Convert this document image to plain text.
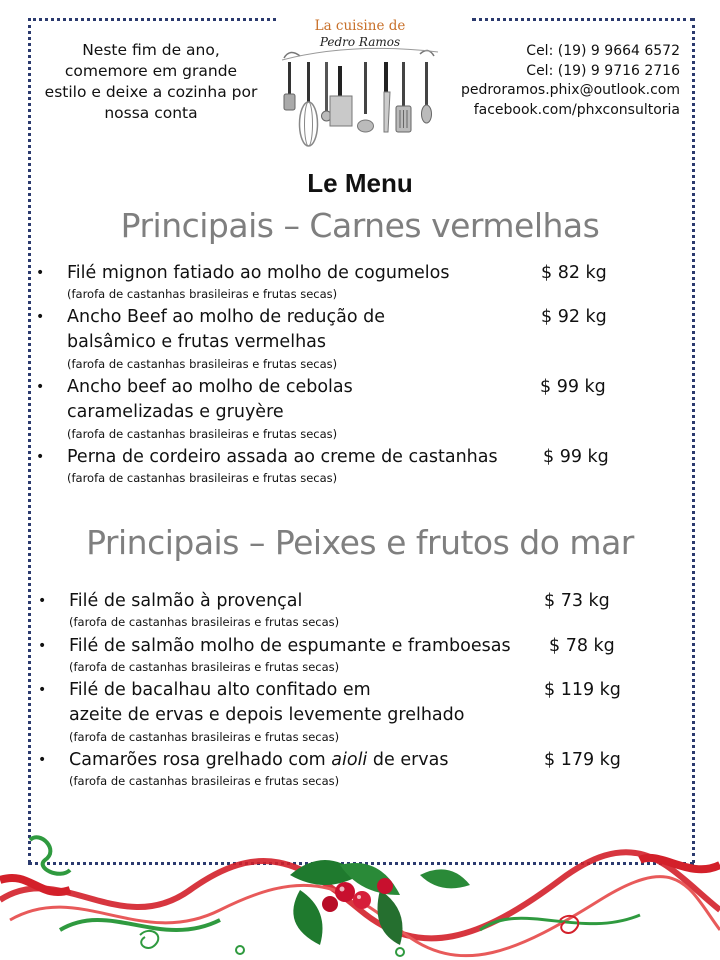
Neste fim de ano,
comemore em grande
estilo e deixe a cozinha por
nossa conta
La cuisine de
Pedro Ramos
Cel: (19) 9 9664 6572
Cel: (19) 9 9716 2716
pedroramos.phix@outlook.com
facebook.com/phxconsultoria
Le Menu
Principais – Carnes vermelhas
• Filé mignon fatiado ao molho de cogumelos	$ 82 kg
(farofa de castanhas brasileiras e frutas secas)
• Ancho Beef ao molho de redução de
balsâmico e frutas vermelhas
$ 92 kg
(farofa de castanhas brasileiras e frutas secas)
• Ancho beef ao molho de cebolas
caramelizadas e gruyère
$ 99 kg
(farofa de castanhas brasileiras e frutas secas)
• Perna de cordeiro assada ao creme de castanhas	$ 99 kg
(farofa de castanhas brasileiras e frutas secas)
Principais – Peixes e frutos do mar
• Filé de salmão à provençal	$ 73 kg
(farofa de castanhas brasileiras e frutas secas)
• Filé de salmão molho de espumante e framboesas $ 78 kg
(farofa de castanhas brasileiras e frutas secas)
• Filé de bacalhau alto confitado em
azeite de ervas e depois levemente grelhado
$ 119 kg
(farofa de castanhas brasileiras e frutas secas)
• Camarões rosa grelhado com aioli de ervas	$ 179 kg
(farofa de castanhas brasileiras e frutas secas)
